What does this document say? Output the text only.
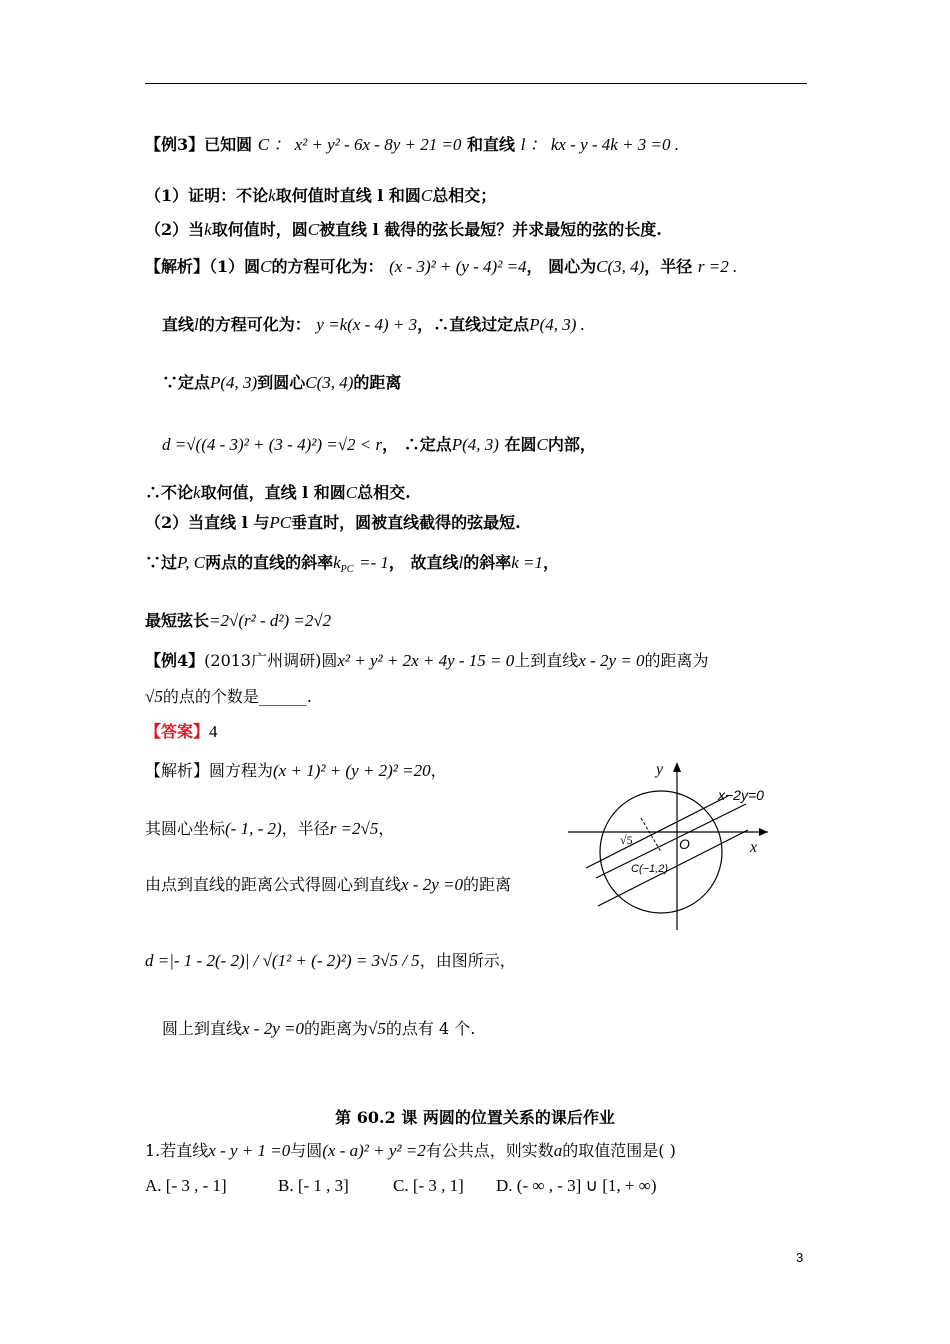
【例3】已知圆 C ： x² + y² - 6x - 8y + 21 =0 和直线 l ： kx - y - 4k + 3 =0 .
（1）证明：不论k取何值时直线 l 和圆C总相交；
（2）当k取何值时，圆C被直线 l 截得的弦长最短？并求最短的弦的长度.
【解析】（1）圆C的方程可化为： (x - 3)² + (y - 4)² =4， 圆心为C(3, 4)，半径 r =2 .
直线l的方程可化为： y =k(x - 4) + 3，∴直线过定点P(4, 3) .
∵定点P(4, 3)到圆心C(3, 4)的距离
d =√((4 - 3)² + (3 - 4)²) =√2 < r， ∴定点P(4, 3) 在圆C内部，
∴不论k取何值，直线 l 和圆C总相交.
（2）当直线 l 与PC垂直时，圆被直线截得的弦最短.
∵过P, C两点的直线的斜率$k_{PC} =- 1$， 故直线l的斜率k =1，
最短弦长=2√(r² - d²) =2√2
【例4】(2013广州调研)圆x² + y² + 2x + 4y - 15 = 0上到直线x - 2y = 0的距离为
√5的点的个数是______.
【答案】4
【解析】圆方程为(x + 1)² + (y + 2)² =20，
其圆心坐标(- 1, - 2)，半径r =2√5，
由点到直线的距离公式得圆心到直线x - 2y =0的距离
d =|- 1 - 2(- 2)| / √(1² + (- 2)²) = 3√5 / 5，由图所示，
圆上到直线x - 2y =0的距离为√5的点有 4 个.
y
x
x−2y=0
O
√5
C(−1,2)
第 60.2 课 两圆的位置关系的课后作业
1.若直线x - y + 1 =0与圆(x - a)² + y² =2有公共点，则实数a的取值范围是( )
A. [- 3 , - 1]	B. [- 1 , 3]	C. [- 3 , 1] D. (- ∞ , - 3] ∪ [1, + ∞)
3
